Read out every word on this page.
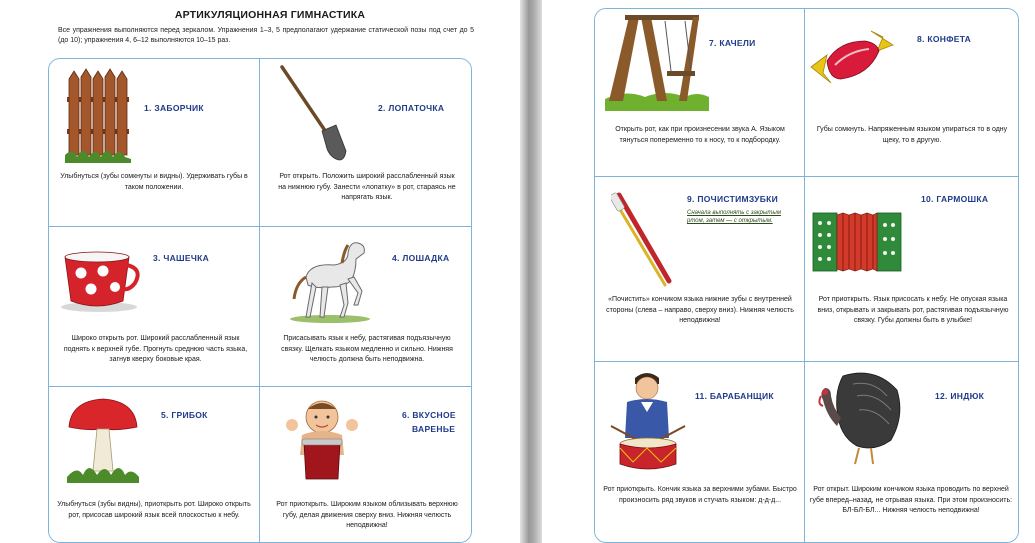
АРТИКУЛЯЦИОННАЯ ГИМНАСТИКА
Все упражнения выполняются перед зеркалом. Упражнения 1–3, 5 предполагают удержание статической позы под счет до 5 (до 10); упражнения 4, 6–12 выполняются 10–15 раз.
1. ЗАБОРЧИК
Улыбнуться (зубы сомкнуты и видны). Удерживать губы в таком положении.
2. ЛОПАТОЧКА
Рот открыть. Положить широкий расслабленный язык на нижнюю губу. Занести «лопатку» в рот, стараясь не напрягать язык.
3. ЧАШЕЧКА
Широко открыть рот. Широкий расслабленный язык поднять к верхней губе. Прогнуть среднюю часть языка, загнув кверху боковые края.
4. ЛОШАДКА
Присасывать язык к небу, растягивая подъязычную связку. Щелкать языком медленно и сильно. Нижняя челюсть должна быть неподвижна.
5. ГРИБОК
Улыбнуться (зубы видны), приоткрыть рот. Широко открыть рот, присосав широкий язык всей плоскостью к небу.
6. ВКУСНОЕ
ВАРЕНЬЕ
Рот приоткрыть. Широким языком облизывать верхнюю губу, делая движения сверху вниз. Нижняя челюсть неподвижна!
7. КАЧЕЛИ
Открыть рот, как при произнесении звука А. Языком тянуться попеременно то к носу, то к подбородку.
8. КОНФЕТА
Губы сомкнуть. Напряженным языком упираться то в одну щеку, то в другую.
9. ПОЧИСТИМЗУБКИ
Сначала выполнять с закрытым ртом, затем — с открытым.
«Почистить» кончиком языка нижние зубы с внутренней стороны (слева – направо, сверху вниз). Нижняя челюсть неподвижна!
10. ГАРМОШКА
Рот приоткрыть. Язык присосать к небу. Не опуская языка вниз, открывать и закрывать рот, растягивая подъязычную связку. Губы должны быть в улыбке!
11. БАРАБАНЩИК
Рот приоткрыть. Кончик языка за верхними зубами. Быстро произносить ряд звуков и стучать языком: д-д-д...
12. ИНДЮК
Рот открыт. Широким кончиком языка проводить по верхней губе вперед–назад, не отрывая языка. При этом произносить: БЛ-БЛ-БЛ... Нижняя челюсть неподвижна!
